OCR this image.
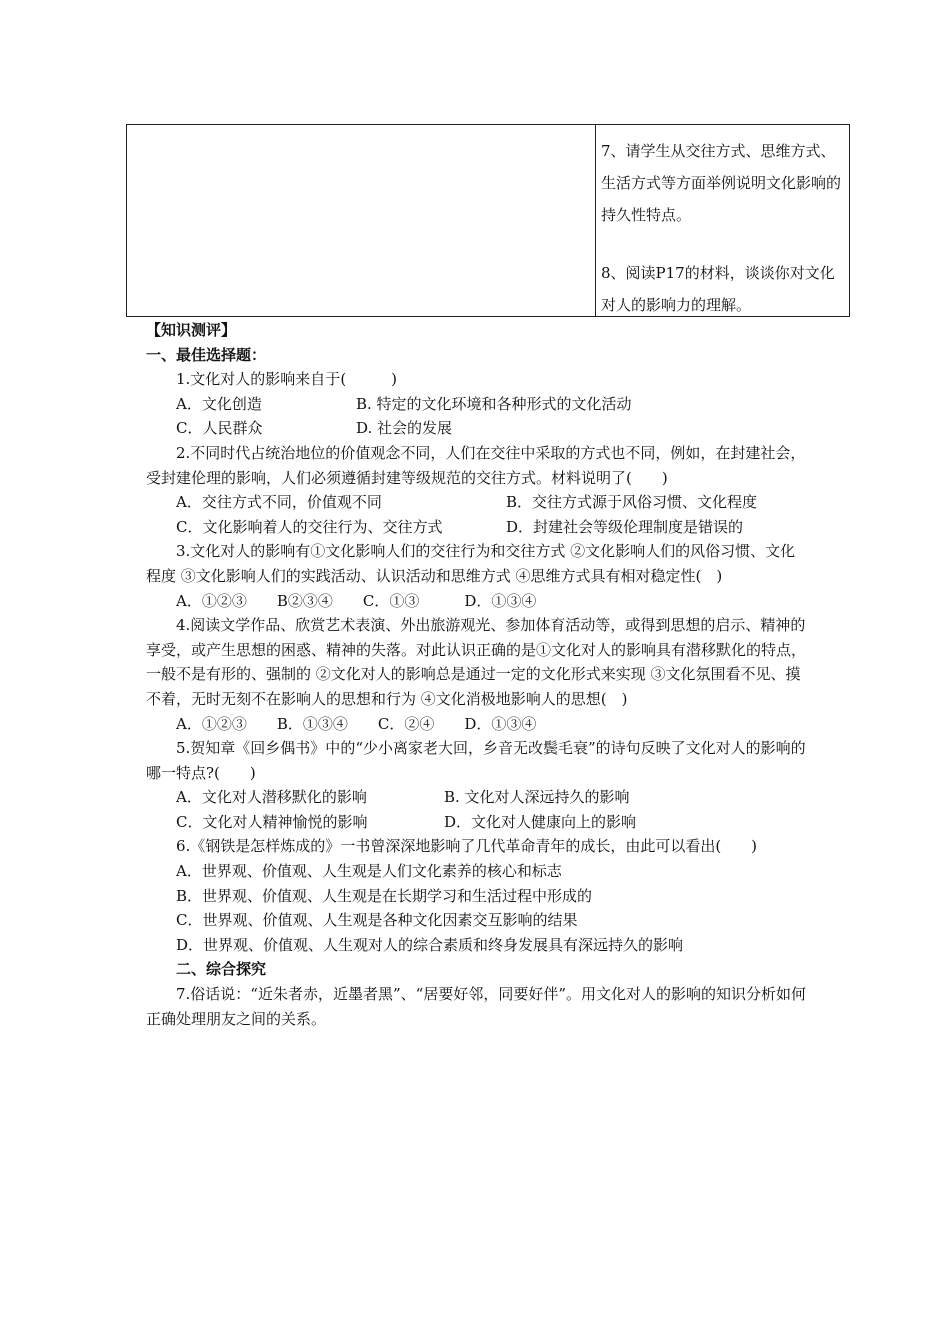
7、请学生从交往方式、思维方式、生活方式等方面举例说明文化影响的持久性特点。

8、阅读P17的材料，谈谈你对文化对人的影响力的理解。

【知识测评】

一、最佳选择题：

1.文化对人的影响来自于(　　　)

A．文化创造	B. 特定的文化环境和各种形式的文化活动
C．人民群众	D. 社会的发展

2.不同时代占统治地位的价值观念不同，人们在交往中采取的方式也不同，例如，在封建社会，受封建伦理的影响，人们必须遵循封建等级规范的交往方式。材料说明了(　　)

A．交往方式不同，价值观不同	B．交往方式源于风俗习惯、文化程度
C．文化影响着人的交往行为、交往方式	D．封建社会等级伦理制度是错误的

3.文化对人的影响有①文化影响人们的交往行为和交往方式 ②文化影响人们的风俗习惯、文化程度 ③文化影响人们的实践活动、认识活动和思维方式 ④思维方式具有相对稳定性(　)

A．①②③　　B②③④　　C．①③　　　D．①③④

4.阅读文学作品、欣赏艺术表演、外出旅游观光、参加体育活动等，或得到思想的启示、精神的享受，或产生思想的困惑、精神的失落。对此认识正确的是①文化对人的影响具有潜移默化的特点，一般不是有形的、强制的 ②文化对人的影响总是通过一定的文化形式来实现 ③文化氛围看不见、摸不着，无时无刻不在影响人的思想和行为 ④文化消极地影响人的思想(　)

A．①②③　　B．①③④　　C．②④　　D．①③④

5.贺知章《回乡偶书》中的“少小离家老大回，乡音无改鬓毛衰”的诗句反映了文化对人的影响的哪一特点?(　　)

A．文化对人潜移默化的影响	B. 文化对人深远持久的影响
C．文化对人精神愉悦的影响	D．文化对人健康向上的影响

6.《钢铁是怎样炼成的》一书曾深深地影响了几代革命青年的成长，由此可以看出(　　)

A．世界观、价值观、人生观是人们文化素养的核心和标志

B．世界观、价值观、人生观是在长期学习和生活过程中形成的

C．世界观、价值观、人生观是各种文化因素交互影响的结果

D．世界观、价值观、人生观对人的综合素质和终身发展具有深远持久的影响

二、综合探究

7.俗话说：“近朱者赤，近墨者黑”、“居要好邻，同要好伴”。用文化对人的影响的知识分析如何正确处理朋友之间的关系。
